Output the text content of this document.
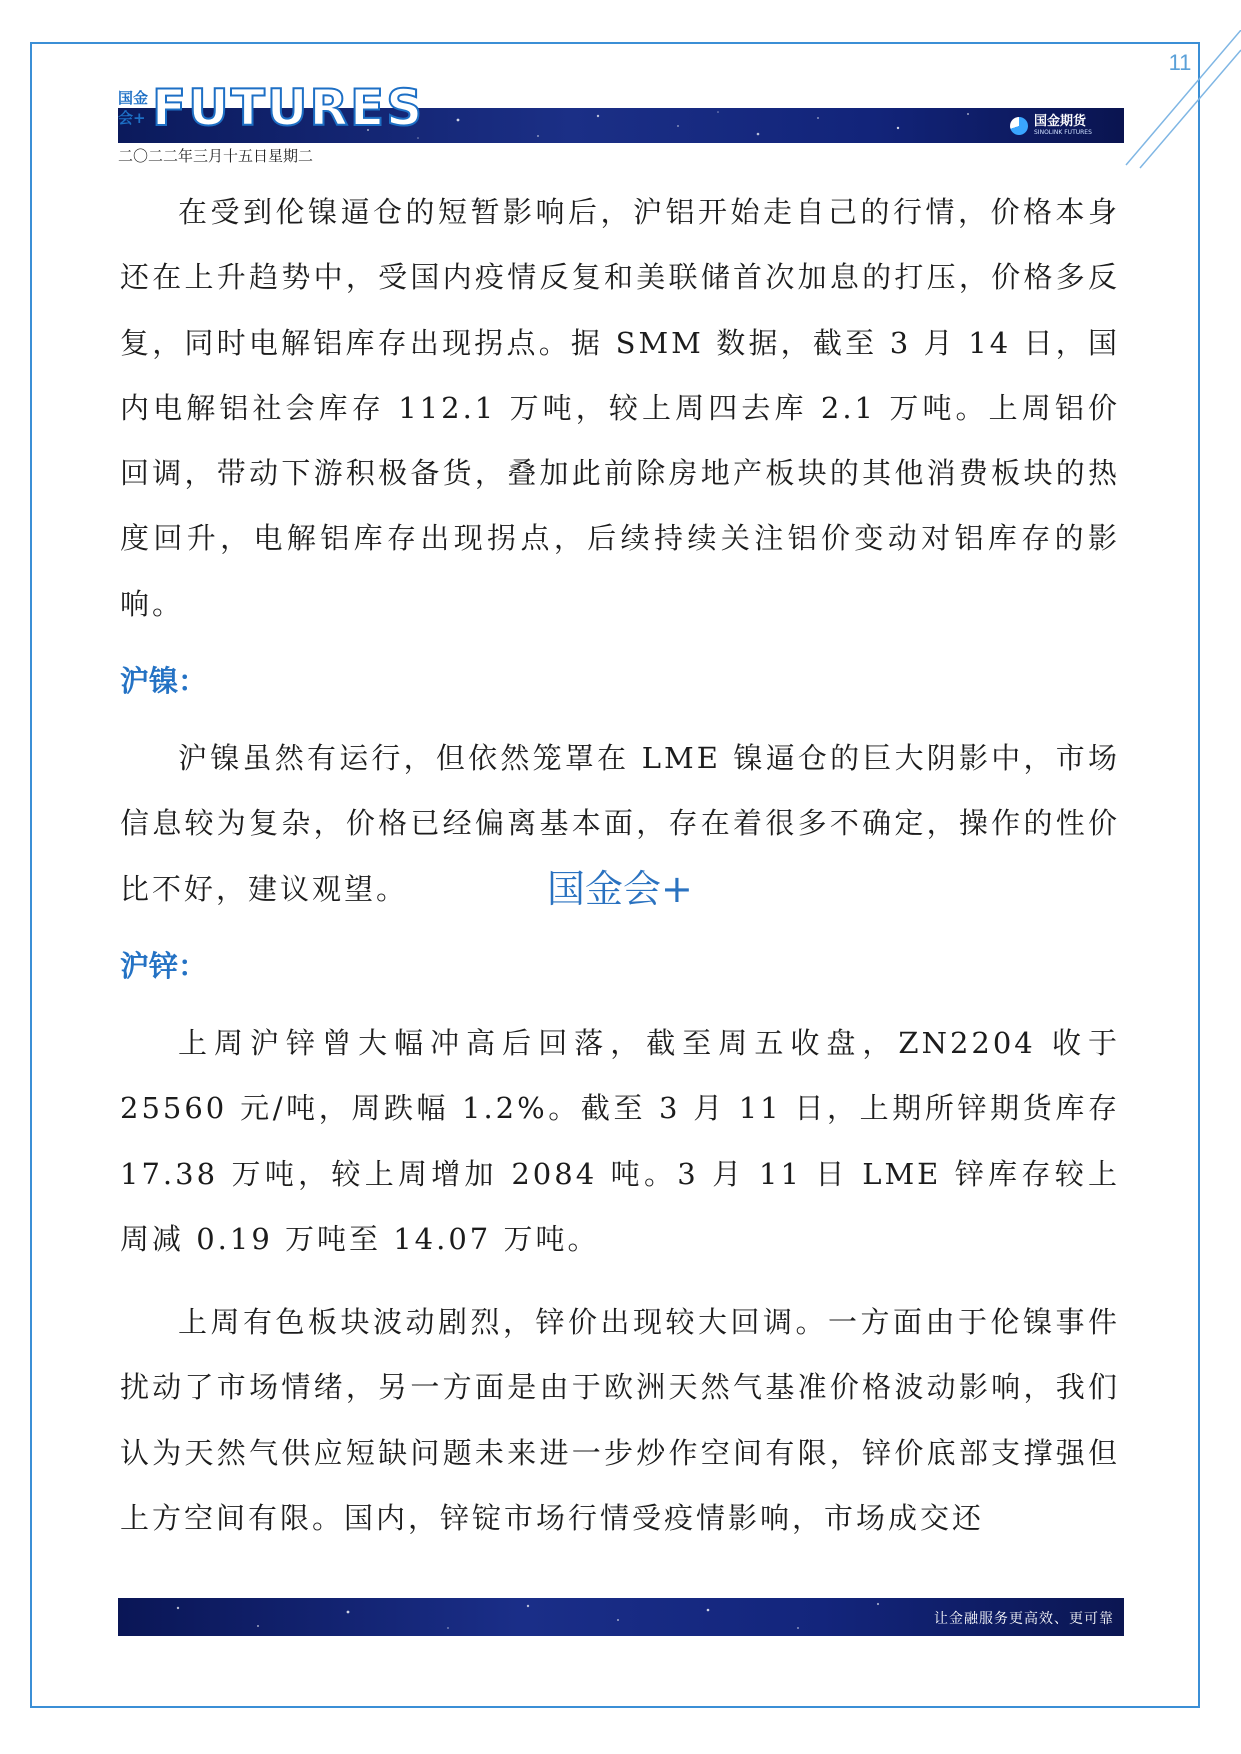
11
国金会+ FUTURES	国金期货
SINOLINK FUTURES
二〇二二年三月十五日星期二

在受到伦镍逼仓的短暂影响后，沪铝开始走自己的行情，价格本身还在上升趋势中，受国内疫情反复和美联储首次加息的打压，价格多反复，同时电解铝库存出现拐点。据 SMM 数据，截至 3 月 14 日，国内电解铝社会库存 112.1 万吨，较上周四去库 2.1 万吨。上周铝价回调，带动下游积极备货，叠加此前除房地产板块的其他消费板块的热度回升，电解铝库存出现拐点，后续持续关注铝价变动对铝库存的影响。

沪镍：

沪镍虽然有运行，但依然笼罩在 LME 镍逼仓的巨大阴影中，市场信息较为复杂，价格已经偏离基本面，存在着很多不确定，操作的性价比不好，建议观望。

沪锌：

上周沪锌曾大幅冲高后回落，截至周五收盘，ZN2204 收于 25560 元/吨，周跌幅 1.2%。截至 3 月 11 日，上期所锌期货库存 17.38 万吨，较上周增加 2084 吨。3 月 11 日 LME 锌库存较上周减 0.19 万吨至 14.07 万吨。

上周有色板块波动剧烈，锌价出现较大回调。一方面由于伦镍事件扰动了市场情绪，另一方面是由于欧洲天然气基准价格波动影响，我们认为天然气供应短缺问题未来进一步炒作空间有限，锌价底部支撑强但上方空间有限。国内，锌锭市场行情受疫情影响，市场成交还

国金会+
让金融服务更高效、更可靠
